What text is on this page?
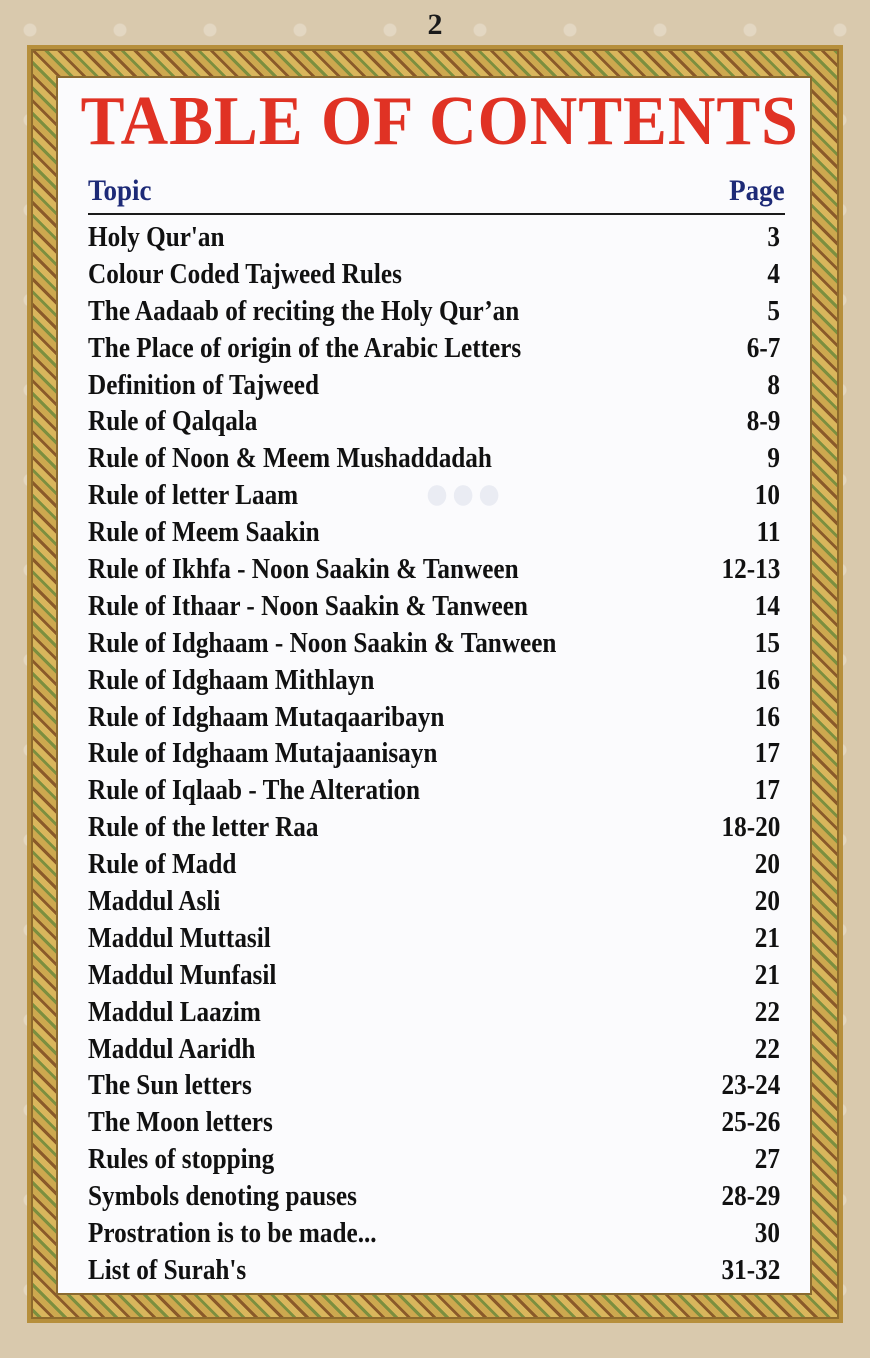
2
●●●
TABLE OF CONTENTS
Topic	Page
Holy Qur'an	3
Colour Coded Tajweed Rules	4
The Aadaab of reciting the Holy Qur’an	5
The Place of origin of the Arabic Letters	6-7
Definition of Tajweed	8
Rule of Qalqala	8-9
Rule of Noon & Meem Mushaddadah	9
Rule of letter Laam	10
Rule of Meem Saakin	11
Rule of Ikhfa - Noon Saakin & Tanween	12-13
Rule of Ithaar - Noon Saakin & Tanween	14
Rule of Idghaam - Noon Saakin & Tanween	15
Rule of Idghaam Mithlayn	16
Rule of Idghaam Mutaqaaribayn	16
Rule of Idghaam Mutajaanisayn	17
Rule of Iqlaab - The Alteration	17
Rule of the letter Raa	18-20
Rule of Madd	20
Maddul Asli	20
Maddul Muttasil	21
Maddul Munfasil	21
Maddul Laazim	22
Maddul Aaridh	22
The Sun letters	23-24
The Moon letters	25-26
Rules of stopping	27
Symbols denoting pauses	28-29
Prostration is to be made...	30
List of Surah's	31-32
